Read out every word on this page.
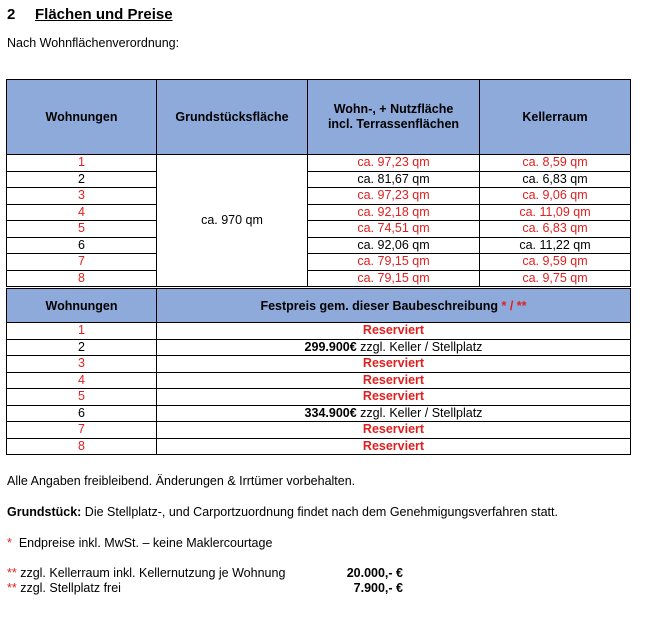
2 Flächen und Preise
Nach Wohnflächenverordnung:
Wohnungen	Grundstücksfläche	Wohn-, + Nutzfläche incl. Terrassenflächen	Kellerraum
1	ca. 970 qm	ca. 97,23 qm	ca. 8,59 qm
2		ca. 81,67 qm	ca. 6,83 qm
3		ca. 97,23 qm	ca. 9,06 qm
4		ca. 92,18 qm	ca. 11,09 qm
5		ca. 74,51 qm	ca. 6,83 qm
6		ca. 92,06 qm	ca. 11,22 qm
7		ca. 79,15 qm	ca. 9,59 qm
8		ca. 79,15 qm	ca. 9,75 qm
Wohnungen	Festpreis gem. dieser Baubeschreibung * / **
1	Reserviert
2	299.900€ zzgl. Keller / Stellplatz
3	Reserviert
4	Reserviert
5	Reserviert
6	334.900€ zzgl. Keller / Stellplatz
7	Reserviert
8	Reserviert
Alle Angaben freibleibend. Änderungen & Irrtümer vorbehalten.
Grundstück: Die Stellplatz-, und Carportzuordnung findet nach dem Genehmigungsverfahren statt.
*  Endpreise inkl. MwSt. – keine Maklercourtage
** zzgl. Kellerraum inkl. Kellernutzung je Wohnung	20.000,- €
** zzgl. Stellplatz frei	7.900,- €
